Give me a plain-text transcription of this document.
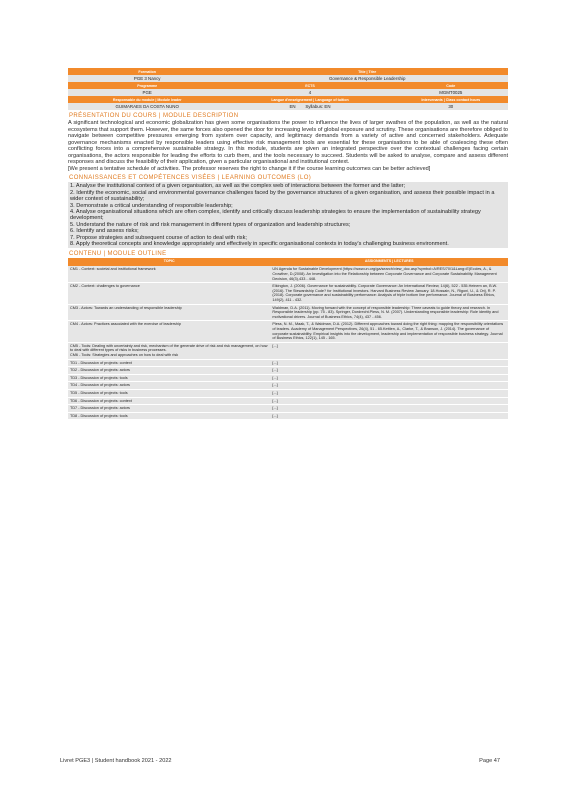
Formation	Title | Titre	
PGE 3 Nancy	Governance & Responsible Leadership	
Programme	ECTS	Code
PGE	4	MGMT0025
Responsable du module | Module leader	Langue d'enseignement | Language of tuition	Intervenants | Class contact hours
GUIMARAES DA COSTA NUNO	EN Syllabus: EN	30
PRÉSENTATION DU COURS | MODULE DESCRIPTION

A significant technological and economic globalization has given some organisations the power to influence the lives of larger swathes of the population, as well as the natural ecosystems that support them. However, the same forces also opened the door for increasing levels of global exposure and scrutiny. These organisations are therefore obliged to navigate between competitive pressures emerging from system over capacity, and legitimacy demands from a variety of active and concerned stakeholders. Adequate governance mechanisms enacted by responsible leaders using effective risk management tools are essential for these organisations to be able of coalescing these often conflicting forces into a comprehensive sustainable strategy. In this module, students are given an integrated perspective over the contextual challenges facing certain organisations, the actors responsible for leading the efforts to curb them, and the tools necessary to succeed. Students will be asked to analyse, compare and assess different responses and discuss the feasibility of their application, given a particular organisational and institutional context.

[We present a tentative schedule of activities. The professor reserves the right to change it if the course learning outcomes can be better achieved]

CONNAISSANCES ET COMPÉTENCES VISÉES | LEARNING OUTCOMES (LO)

1. Analyse the institutional context of a given organisation, as well as the complex web of interactions between the former and the latter;

2. Identify the economic, social and environmental governance challenges faced by the governance structures of a given organisation, and assess their possible impact in a wider context of sustainability;

3. Demonstrate a critical understanding of responsible leadership;

4. Analyse organisational situations which are often complex, identify and critically discuss leadership strategies to ensure the implementation of sustainability strategy development;

5. Understand the nature of risk and risk management in different types of organization and leadership structures;

6. Identify and assess risks;

7. Propose strategies and subsequent course of action to deal with risk;

8. Apply theoretical concepts and knowledge appropriately and effectively in specific organisational contexts in today's challenging business environment.

CONTENU | MODULE OUTLINE
TOPIC	ASSIGNMENTS | LECTURES
CM1 - Context: societal and institutional framework	UN Agenda for Sustainable Development (https://www.un.org/ga/search/view_doc.asp?symbol=A/RES/70/1&Lang=E)Eccles, A., & Crowther, D.(2008). An Investigation into the Relationship between Corporate Governance and Corporate Sustainability. Management Decision, 46(3),433 - 448.
CM2 - Context: challenges to governance	Elkington, J. (2006). Governance for sustainability. Corporate Governance: An International Review, 14(6), 522 - 535.Heinem an, B.W. (2016). The Stewardship Code? for Institutional Investors. Harvard Business Review January. 18.Hossain, N., Rigoni, U., & Orij, R. P. (2018). Corporate governance and sustainability performance: Analysis of triple bottom line performance. Journal of Business Ethics, 149(2), 411 - 432.
CM3 - Actors: Towards an understanding of responsible leadership	Waldman, D.A. (2011). Moving forward with the concept of responsible leadership: Three caveats to guide theory and research. In Responsible leadership (pp. 75 - 83). Springer, Dordrecht.Pless, N. M. (2007). Understanding responsible leadership: Role identity and motivational drivers. Journal of Business Ethics, 74(4), 437 - 456.
CM4 - Actors: Practices associated with the exercise of leadership	Pless, N. M., Maak, T., & Waldman, D.A. (2012). Different approaches toward doing the right thing: mapping the responsibility orientations of leaders. Academy of Management Perspectives, 26(4), 51 - 65.Kettlen, A., Clarke, T., & Branson, J. (2014). The governance of corporate sustainability: Empirical insights into the development, leadership and implementation of responsible business strategy. Journal of Business Ethics, 122(1), 145 - 165.
CM5 - Tools: Dealing with uncertainty and risk, mechanism of the generate drive of risk and risk management, on how to deal with different types of risks in business processes.
CM6 - Tools: Strategies and approaches on how to deal with risk	[...]
TD1 - Discussion of projects: context	[...]
TD2 - Discussion of projects: actors	[...]
TD3 - Discussion of projects: tools	[...]
TD4 - Discussion of projects: actors	[...]
TD5 - Discussion of projects: tools	[...]
TD6 - Discussion of projects: context	[...]
TD7 - Discussion of projects: actors	[...]
TD8 - Discussion of projects: tools	[...]
Livret PGE3 | Student handbook 2021 - 2022	Page 47
